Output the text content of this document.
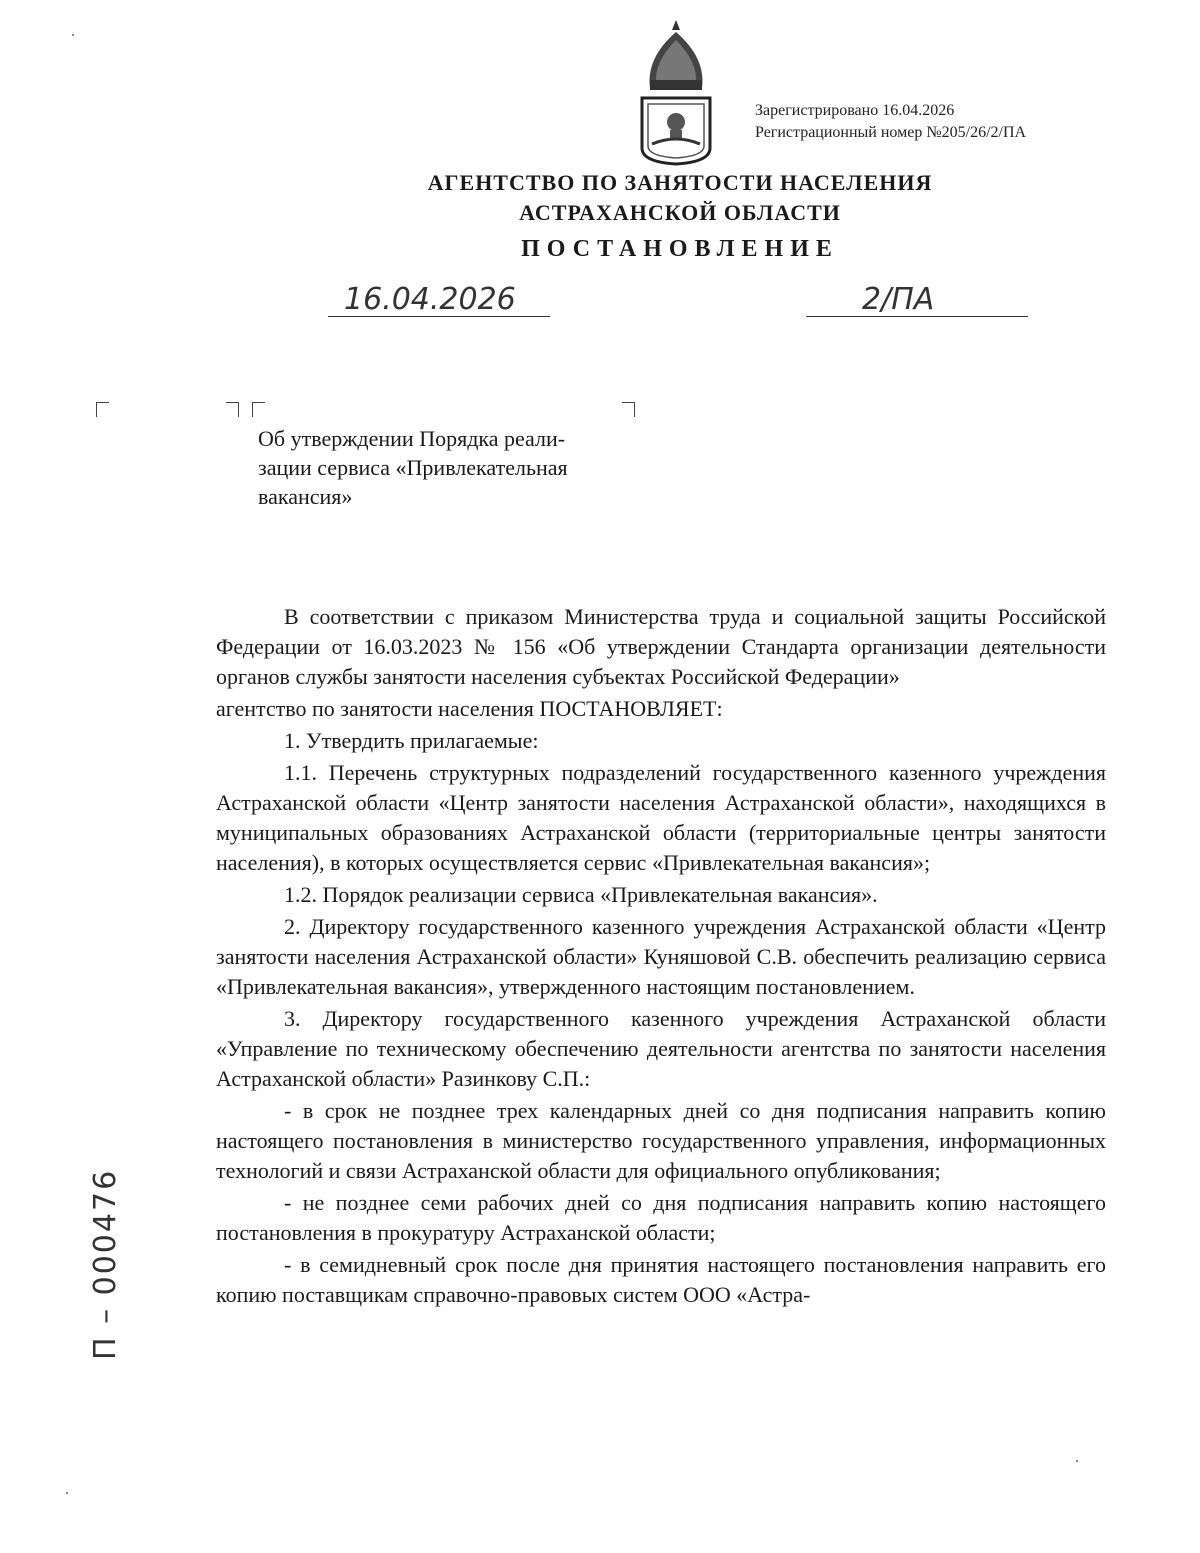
Зарегистрировано 16.04.2026
Регистрационный номер №205/26/2/ПА
АГЕНТСТВО ПО ЗАНЯТОСТИ НАСЕЛЕНИЯ
АСТРАХАНСКОЙ ОБЛАСТИ
ПОСТАНОВЛЕНИЕ
16.04.2026	2/ПА
Об утверждении Порядка реали-
зации сервиса «Привлекательная
вакансия»

В соответствии с приказом Министерства труда и социальной защиты Российской Федерации от 16.03.2023 № 156 «Об утверждении Стандарта организации деятельности органов службы занятости населения субъектах Российской Федерации»

агентство по занятости населения ПОСТАНОВЛЯЕТ:

1. Утвердить прилагаемые:

1.1. Перечень структурных подразделений государственного казенного учреждения Астраханской области «Центр занятости населения Астраханской области», находящихся в муниципальных образованиях Астраханской области (территориальные центры занятости населения), в которых осуществляется сервис «Привлекательная вакансия»;

1.2. Порядок реализации сервиса «Привлекательная вакансия».

2. Директору государственного казенного учреждения Астраханской области «Центр занятости населения Астраханской области» Куняшовой С.В. обеспечить реализацию сервиса «Привлекательная вакансия», утвержденного настоящим постановлением.

3. Директору государственного казенного учреждения Астраханской области «Управление по техническому обеспечению деятельности агентства по занятости населения Астраханской области» Разинкову С.П.:

- в срок не позднее трех календарных дней со дня подписания направить копию настоящего постановления в министерство государственного управления, информационных технологий и связи Астраханской области для официального опубликования;

- не позднее семи рабочих дней со дня подписания направить копию настоящего постановления в прокуратуру Астраханской области;

- в семидневный срок после дня принятия настоящего постановления направить его копию поставщикам справочно-правовых систем ООО «Астра-

П – 000476
